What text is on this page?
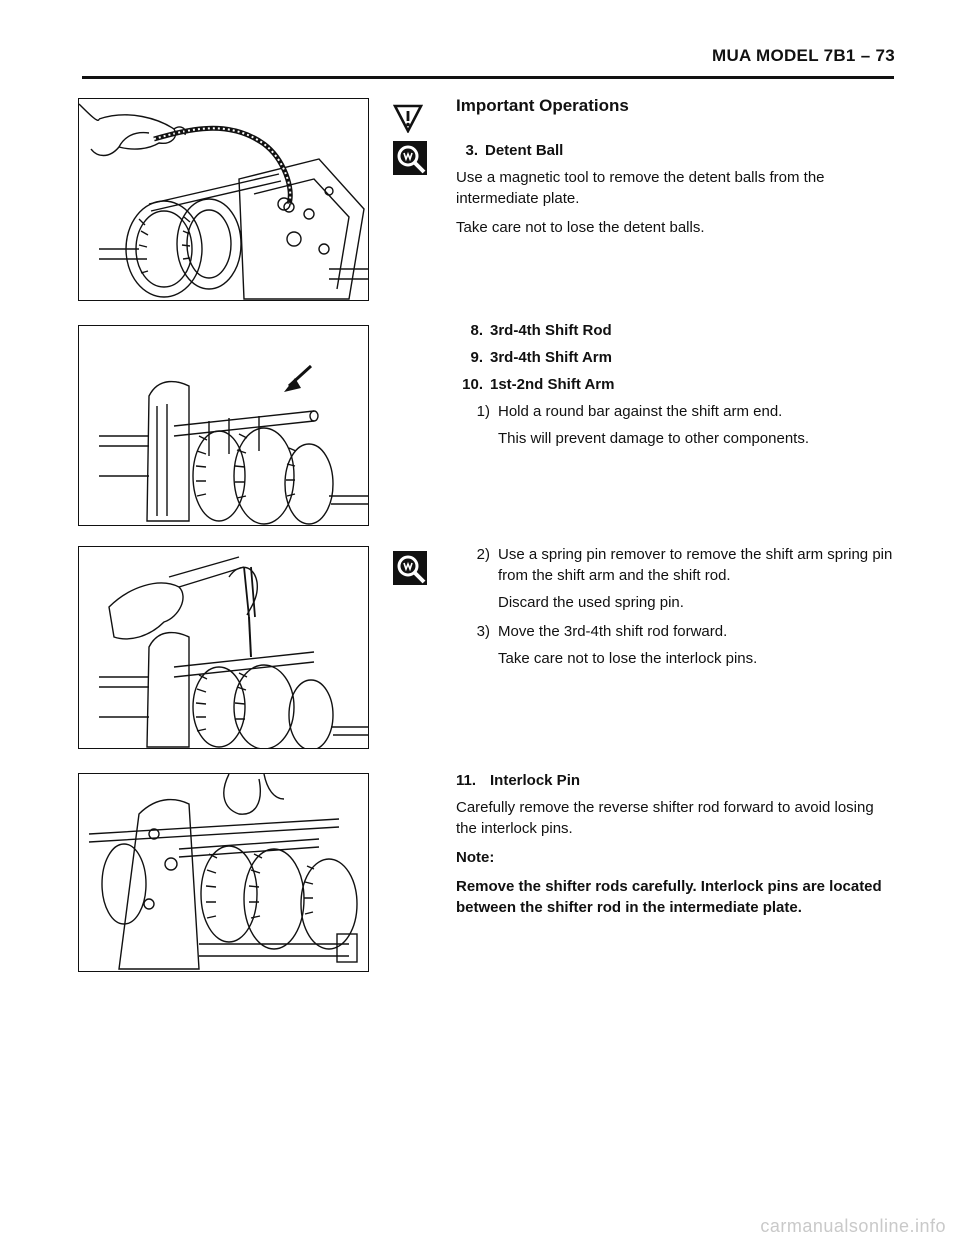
MUA MODEL 7B1 – 73
Important Operations
3. Detent Ball

Use a magnetic tool to remove the detent balls from the intermediate plate.

Take care not to lose the detent balls.

8. 3rd-4th Shift Rod
9. 3rd-4th Shift Arm
10. 1st-2nd Shift Arm
1) Hold a round bar against the shift arm end.
This will prevent damage to other components.
2) Use a spring pin remover to remove the shift arm spring pin from the shift arm and the shift rod.
Discard the used spring pin.
3) Move the 3rd-4th shift rod forward.
Take care not to lose the interlock pins.
11. Interlock Pin

Carefully remove the reverse shifter rod forward to avoid losing the interlock pins.

Note:

Remove the shifter rods carefully. Interlock pins are located between the shifter rod in the intermediate plate.

carmanualsonline.info
